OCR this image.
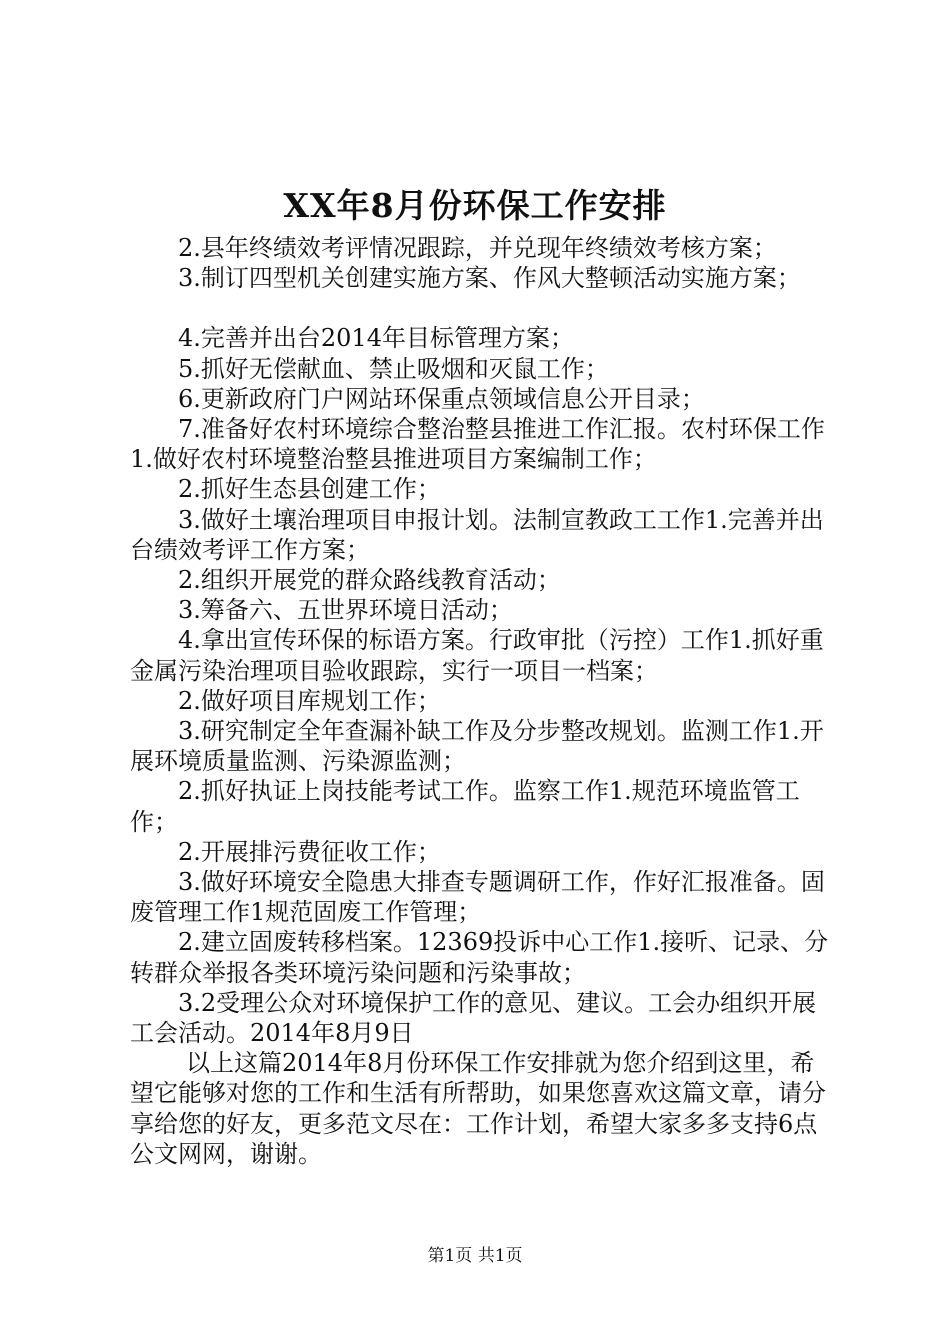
XX年8月份环保工作安排

2.县年终绩效考评情况跟踪，并兑现年终绩效考核方案；

3.制订四型机关创建实施方案、作风大整顿活动实施方案；

4.完善并出台2014年目标管理方案；

5.抓好无偿献血、禁止吸烟和灭鼠工作；

6.更新政府门户网站环保重点领域信息公开目录；

7.准备好农村环境综合整治整县推进工作汇报。农村环保工作1.做好农村环境整治整县推进项目方案编制工作；

2.抓好生态县创建工作；

3.做好土壤治理项目申报计划。法制宣教政工工作1.完善并出台绩效考评工作方案；

2.组织开展党的群众路线教育活动；

3.筹备六、五世界环境日活动；

4.拿出宣传环保的标语方案。行政审批（污控）工作1.抓好重金属污染治理项目验收跟踪，实行一项目一档案；

2.做好项目库规划工作；

3.研究制定全年查漏补缺工作及分步整改规划。监测工作1.开展环境质量监测、污染源监测；

2.抓好执证上岗技能考试工作。监察工作1.规范环境监管工作；

2.开展排污费征收工作；

3.做好环境安全隐患大排查专题调研工作，作好汇报准备。固废管理工作1规范固废工作管理；

2.建立固废转移档案。12369投诉中心工作1.接听、记录、分转群众举报各类环境污染问题和污染事故；

3.2受理公众对环境保护工作的意见、建议。工会办组织开展工会活动。2014年8月9日

以上这篇2014年8月份环保工作安排就为您介绍到这里，希望它能够对您的工作和生活有所帮助，如果您喜欢这篇文章，请分享给您的好友，更多范文尽在：工作计划，希望大家多多支持6点公文网网，谢谢。

第1页 共1页
